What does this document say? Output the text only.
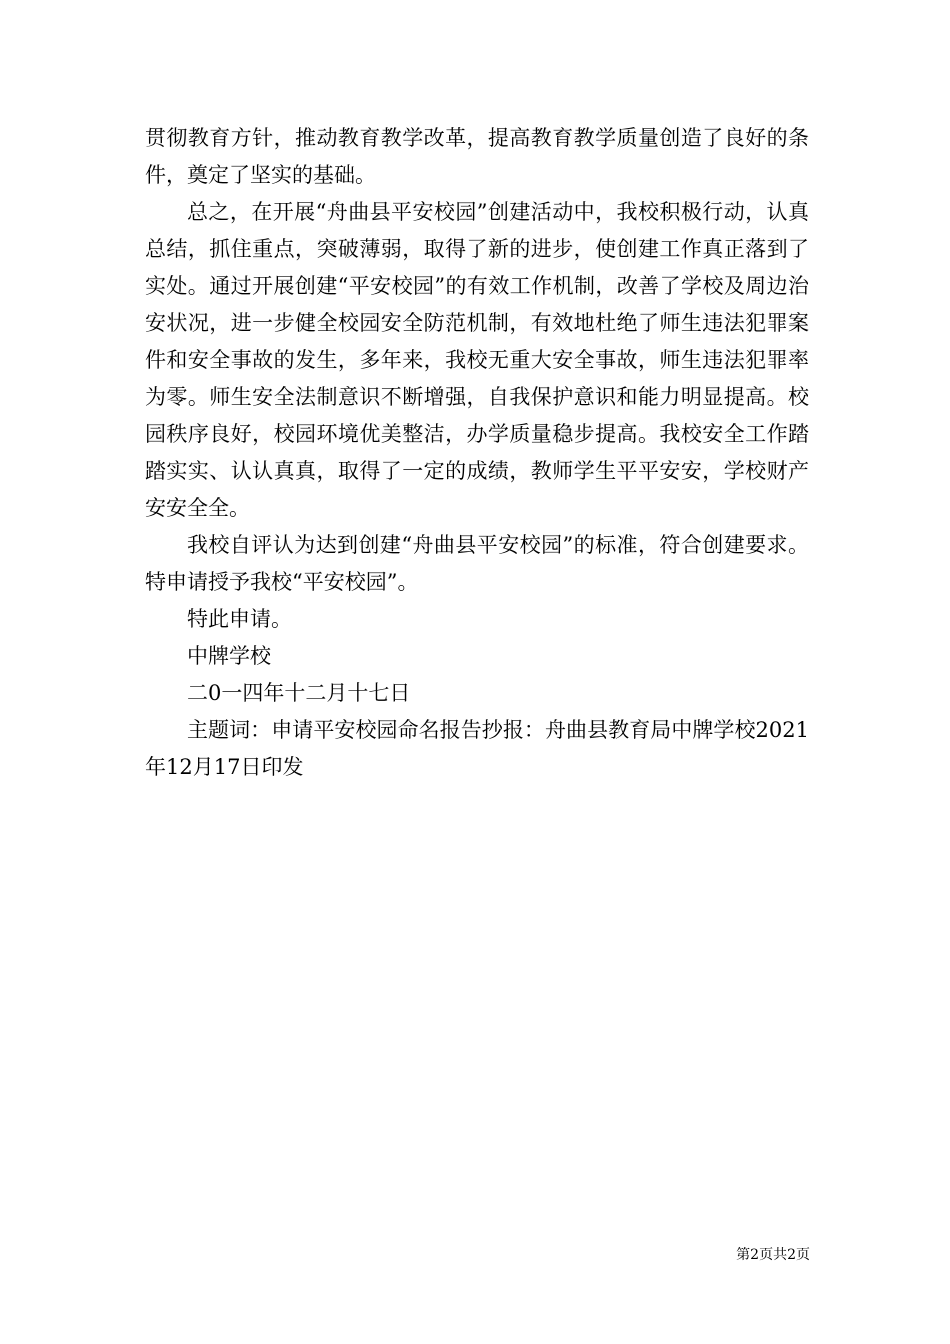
贯彻教育方针，推动教育教学改革，提高教育教学质量创造了良好的条件，奠定了坚实的基础。

总之，在开展“舟曲县平安校园”创建活动中，我校积极行动，认真总结，抓住重点，突破薄弱，取得了新的进步，使创建工作真正落到了实处。通过开展创建“平安校园”的有效工作机制，改善了学校及周边治安状况，进一步健全校园安全防范机制，有效地杜绝了师生违法犯罪案件和安全事故的发生，多年来，我校无重大安全事故，师生违法犯罪率为零。师生安全法制意识不断增强，自我保护意识和能力明显提高。校园秩序良好，校园环境优美整洁，办学质量稳步提高。我校安全工作踏踏实实、认认真真，取得了一定的成绩，教师学生平平安安，学校财产安安全全。

我校自评认为达到创建“舟曲县平安校园”的标准，符合创建要求。特申请授予我校“平安校园”。

特此申请。

中牌学校

二0一四年十二月十七日

主题词：申请平安校园命名报告抄报：舟曲县教育局中牌学校2021年12月17日印发

第2页共2页
